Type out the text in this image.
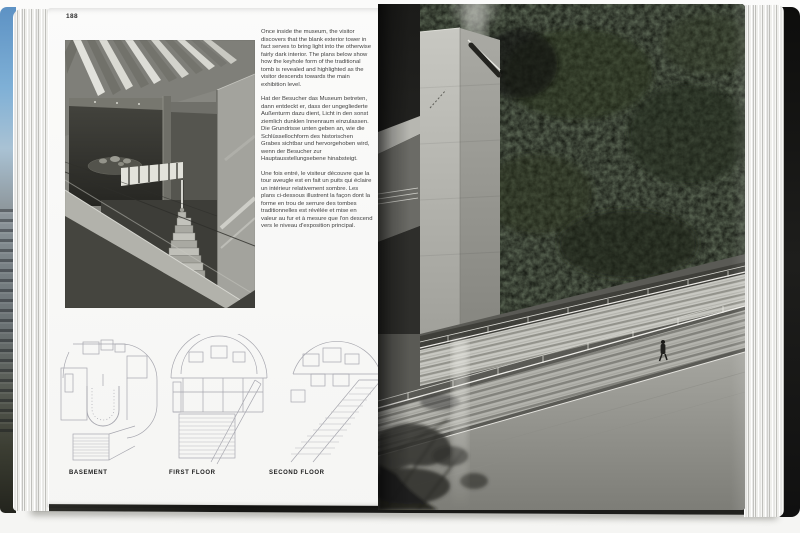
188

Once inside the museum, the visitor discovers that the blank exterior tower in fact serves to bring light into the otherwise fairly dark interior. The plans below show how the keyhole form of the traditional tomb is revealed and highlighted as the visitor descends towards the main exhibition level.

Hat der Besucher das Museum betreten, dann entdeckt er, dass der ungegliederte Außenturm dazu dient, Licht in den sonst ziemlich dunklen Innenraum einzulassen. Die Grundrisse unten geben an, wie die Schlüssellochform des historischen Grabes sichtbar und hervorgehoben wird, wenn der Besucher zur Hauptausstellungsebene hinabsteigt.

Une fois entré, le visiteur découvre que la tour aveugle est en fait un puits qui éclaire un intérieur relativement sombre. Les plans ci-dessous illustrent la façon dont la forme en trou de serrure des tombes traditionnelles est révélée et mise en valeur au fur et à mesure que l'on descend vers le niveau d'exposition principal.

BASEMENT	FIRST FLOOR	SECOND FLOOR
